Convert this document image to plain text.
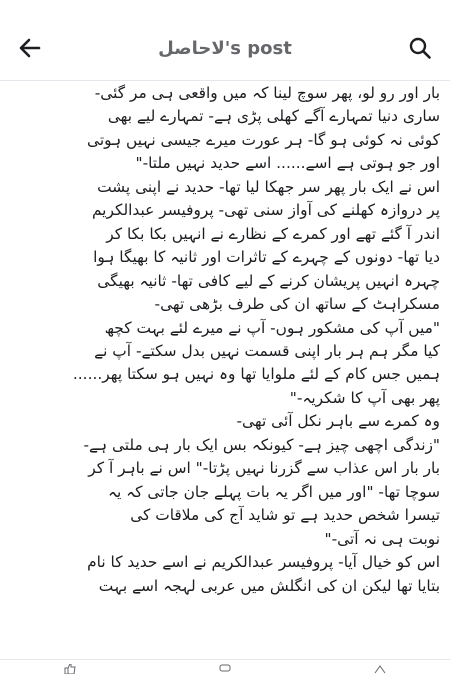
لاحاصل's post
بار اور رو لو، پھر سوچ لینا کہ میں واقعی ہی مر گئی-
ساری دنیا تمہارے آگے کھلی پڑی ہے- تمہارے لیے بھی
کوئی نہ کوئی ہو گا- ہر عورت میرے جیسی نہیں ہوتی
اور جو ہوتی ہے اسے...... اسے حدید نہیں ملتا-"
اس نے ایک بار پھر سر جھکا لیا تھا- حدید نے اپنی پشت
پر دروازہ کھلنے کی آواز سنی تھی- پروفیسر عبدالکریم
اندر آ گئے تھے اور کمرے کے نظارے نے انہیں بکا بکا کر
دیا تھا- دونوں کے چہرے کے تاثرات اور ثانیہ کا بھیگا ہوا
چہرہ انہیں پریشان کرنے کے لیے کافی تھا- ثانیہ بھیگی
مسکراہٹ کے ساتھ ان کی طرف بڑھی تھی-
"میں آپ کی مشکور ہوں- آپ نے میرے لئے بہت کچھ
کیا مگر ہم ہر بار اپنی قسمت نہیں بدل سکتے- آپ نے
ہمیں جس کام کے لئے ملوایا تھا وہ نہیں ہو سکتا پھر......
پھر بھی آپ کا شکریہ-"
وہ کمرے سے باہر نکل آئی تھی-
"زندگی اچھی چیز ہے- کیونکہ بس ایک بار ہی ملتی ہے-
بار بار اس عذاب سے گزرنا نہیں پڑتا-" اس نے باہر آ کر
سوچا تھا- "اور میں اگر یہ بات پہلے جان جاتی کہ یہ
تیسرا شخص حدید ہے تو شاید آج کی ملاقات کی
نوبت ہی نہ آتی-"
اس کو خیال آیا- پروفیسر عبدالکریم نے اسے حدید کا نام
بتایا تھا لیکن ان کی انگلش میں عربی لہجہ اسے بہت
